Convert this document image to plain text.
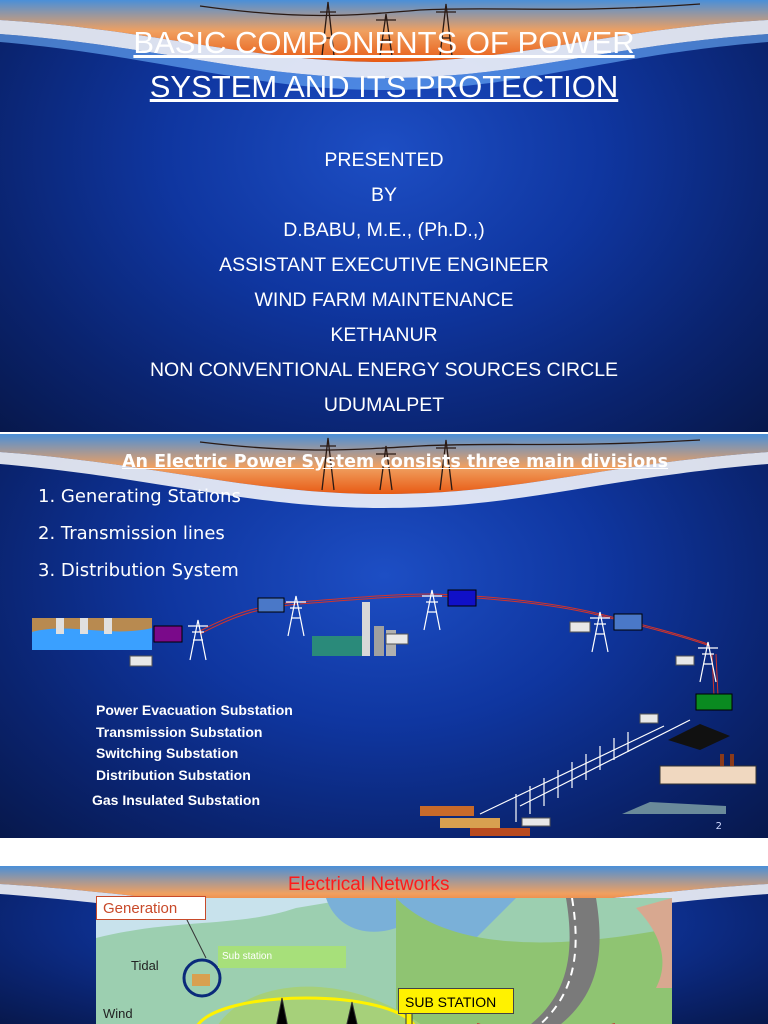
BASIC COMPONENTS OF POWER
SYSTEM AND ITS PROTECTION
PRESENTED
BY
D.BABU, M.E., (Ph.D.,)
ASSISTANT EXECUTIVE ENGINEER
WIND FARM MAINTENANCE
KETHANUR
NON CONVENTIONAL ENERGY SOURCES CIRCLE
UDUMALPET
An Electric Power System consists three main divisions
1. Generating Stations
2. Transmission lines
3. Distribution System
Power Evacuation Substation
Transmission Substation
Switching Substation
Distribution Substation
Gas Insulated Substation
2
Electrical Networks
Generation
Tidal
Wind
Sub station
SUB STATION
